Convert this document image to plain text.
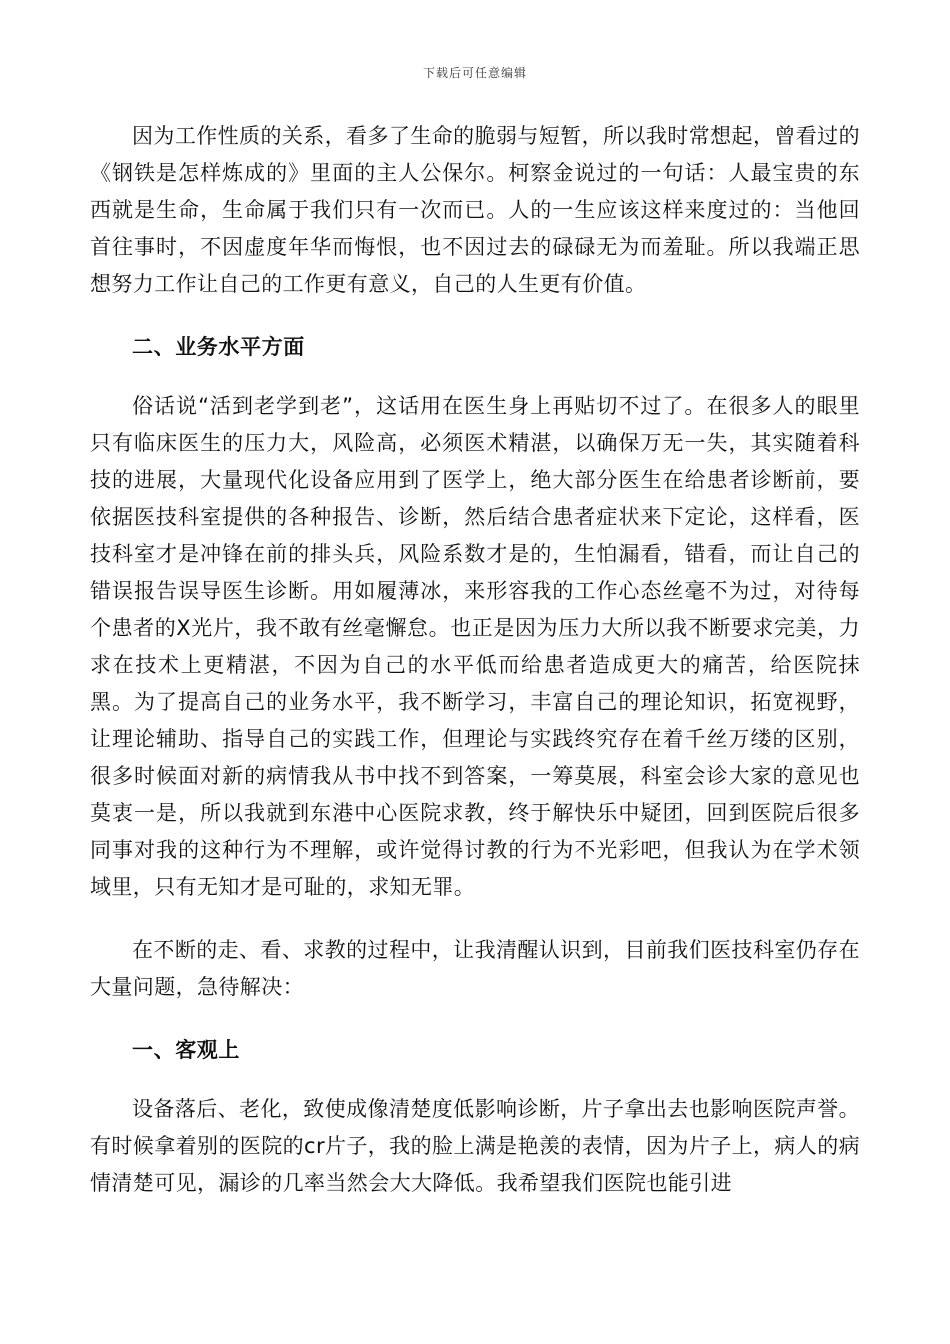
下载后可任意编辑

因为工作性质的关系，看多了生命的脆弱与短暂，所以我时常想起，曾看过的《钢铁是怎样炼成的》里面的主人公保尔。柯察金说过的一句话：人最宝贵的东西就是生命，生命属于我们只有一次而已。人的一生应该这样来度过的：当他回首往事时，不因虚度年华而悔恨，也不因过去的碌碌无为而羞耻。所以我端正思想努力工作让自己的工作更有意义，自己的人生更有价值。

二、业务水平方面

俗话说“活到老学到老”，这话用在医生身上再贴切不过了。在很多人的眼里只有临床医生的压力大，风险高，必须医术精湛，以确保万无一失，其实随着科技的进展，大量现代化设备应用到了医学上，绝大部分医生在给患者诊断前，要依据医技科室提供的各种报告、诊断，然后结合患者症状来下定论，这样看，医技科室才是冲锋在前的排头兵，风险系数才是的，生怕漏看，错看，而让自己的错误报告误导医生诊断。用如履薄冰，来形容我的工作心态丝毫不为过，对待每个患者的X光片，我不敢有丝毫懈怠。也正是因为压力大所以我不断要求完美，力求在技术上更精湛，不因为自己的水平低而给患者造成更大的痛苦，给医院抹黑。为了提高自己的业务水平，我不断学习，丰富自己的理论知识，拓宽视野，让理论辅助、指导自己的实践工作，但理论与实践终究存在着千丝万缕的区别，很多时候面对新的病情我从书中找不到答案，一筹莫展，科室会诊大家的意见也莫衷一是，所以我就到东港中心医院求教，终于解快乐中疑团，回到医院后很多同事对我的这种行为不理解，或许觉得讨教的行为不光彩吧，但我认为在学术领域里，只有无知才是可耻的，求知无罪。

在不断的走、看、求教的过程中，让我清醒认识到，目前我们医技科室仍存在大量问题，急待解决：

一、客观上

设备落后、老化，致使成像清楚度低影响诊断，片子拿出去也影响医院声誉。有时候拿着别的医院的cr片子，我的脸上满是艳羡的表情，因为片子上，病人的病情清楚可见，漏诊的几率当然会大大降低。我希望我们医院也能引进
